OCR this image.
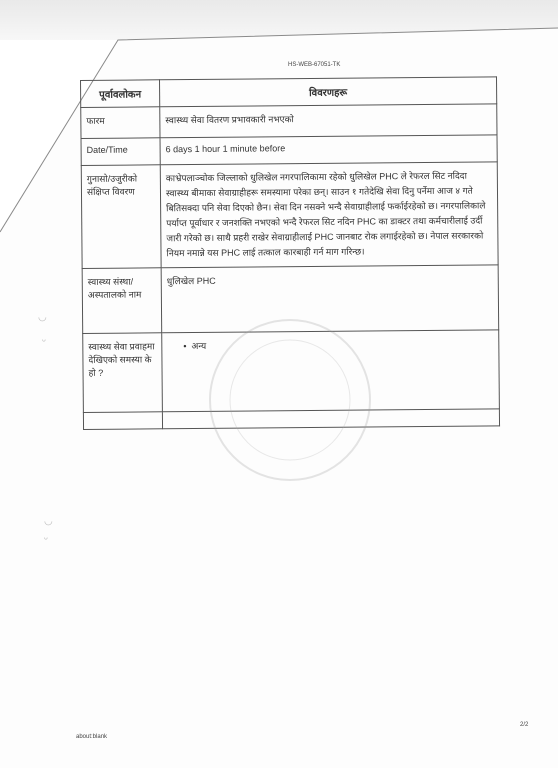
HS-WEB-67051-TK
पूर्वावलोकन	विवरणहरू
फारम	स्वास्थ्य सेवा वितरण प्रभावकारी नभएको
Date/Time	6 days 1 hour 1 minute before
गुनासो/उजुरीको संक्षिप्त विवरण	काभ्रेपलाञ्चोक जिल्लाको धुलिखेल नगरपालिकामा रहेको धुलिखेल PHC ले रेफरल सिट नदिदा स्वास्थ्य बीमाका सेवाग्राहीहरू समस्यामा परेका छन्। साउन १ गतेदेखि सेवा दिनु पर्नेमा आज ४ गते बितिसक्दा पनि सेवा दिएको छैन। सेवा दिन नसक्ने भन्दै सेवाग्राहीलाई फर्काईरहेको छ। नगरपालिकाले पर्याप्त पूर्वाधार र जनशक्ति नभएको भन्दै रेफरल सिट नदिन PHC का डाक्टर तथा कर्मचारीलाई उर्दी जारी गरेको छ। साथै प्रहरी राखेर सेवाग्राहीलाई PHC जानबाट रोक लगाईरहेको छ। नेपाल सरकारको नियम नमान्ने यस PHC लाई तत्काल कारबाही गर्न माग गरिन्छ।
स्वास्थ्य संस्था/ अस्पतालको नाम	धुलिखेल PHC
स्वास्थ्य सेवा प्रवाहमा देखिएको समस्या के हो ?	• अन्य

◡
ᵕ
◡
ᵕ
about:blank
2/2
